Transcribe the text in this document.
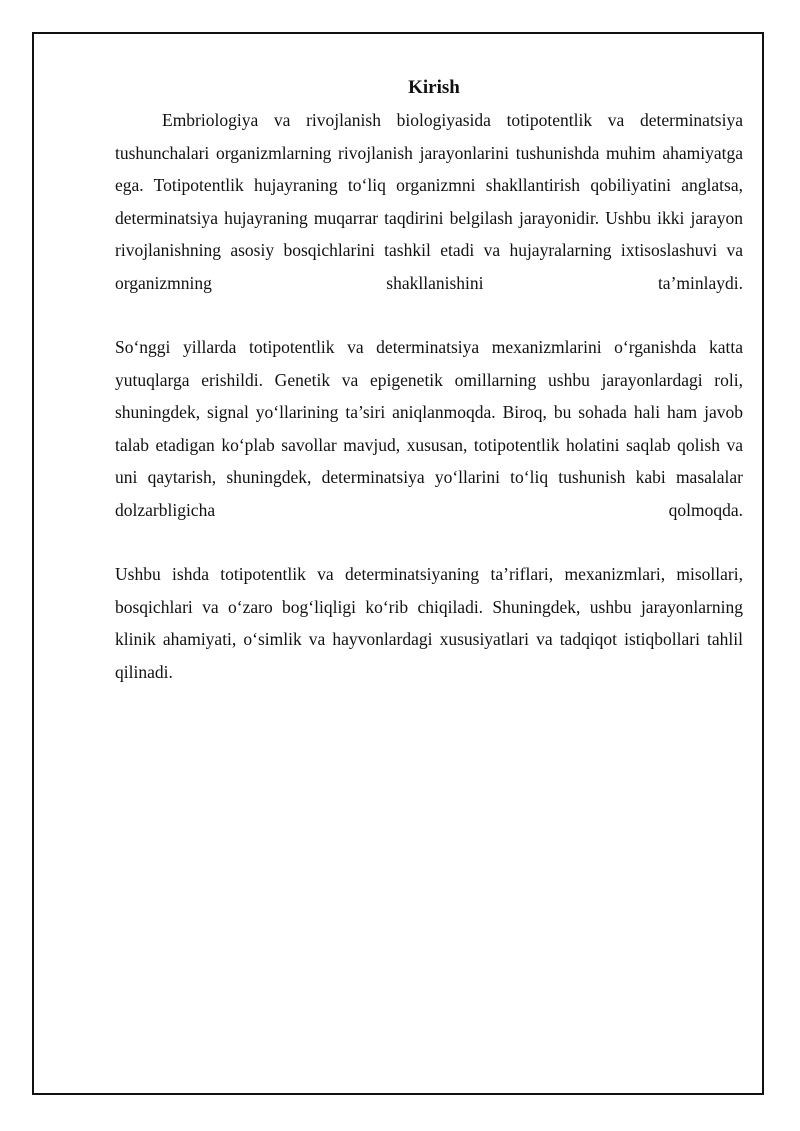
Kirish

Embriologiya va rivojlanish biologiyasida totipotentlik va determinatsiya tushunchalari organizmlarning rivojlanish jarayonlarini tushunishda muhim ahamiyatga ega. Totipotentlik hujayraning to‘liq organizmni shakllantirish qobiliyatini anglatsa, determinatsiya hujayraning muqarrar taqdirini belgilash jarayonidir. Ushbu ikki jarayon rivojlanishning asosiy bosqichlarini tashkil etadi va hujayralarning ixtisoslashuvi va organizmning shakllanishini ta’minlaydi.

So‘nggi yillarda totipotentlik va determinatsiya mexanizmlarini o‘rganishda katta yutuqlarga erishildi. Genetik va epigenetik omillarning ushbu jarayonlardagi roli, shuningdek, signal yo‘llarining ta’siri aniqlanmoqda. Biroq, bu sohada hali ham javob talab etadigan ko‘plab savollar mavjud, xususan, totipotentlik holatini saqlab qolish va uni qaytarish, shuningdek, determinatsiya yo‘llarini to‘liq tushunish kabi masalalar dolzarbligicha qolmoqda.

Ushbu ishda totipotentlik va determinatsiyaning ta’riflari, mexanizmlari, misollari, bosqichlari va o‘zaro bog‘liqligi ko‘rib chiqiladi. Shuningdek, ushbu jarayonlarning klinik ahamiyati, o‘simlik va hayvonlardagi xususiyatlari va tadqiqot istiqbollari tahlil qilinadi.
